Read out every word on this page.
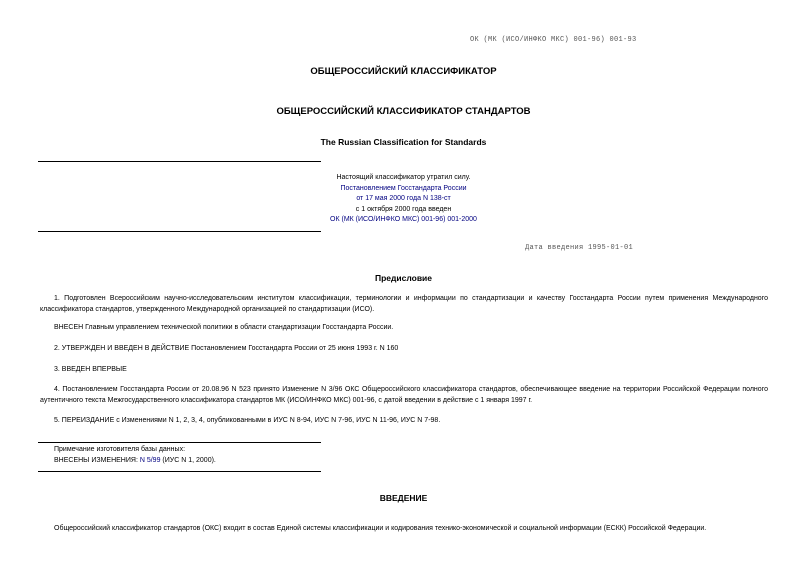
ОК (МК (ИСО/ИНФКО МКС) 001-96) 001-93
ОБЩЕРОССИЙСКИЙ КЛАССИФИКАТОР
ОБЩЕРОССИЙСКИЙ КЛАССИФИКАТОР СТАНДАРТОВ
The Russian Classification for Standards
Настоящий классификатор утратил силу.
Постановлением Госстандарта России
от 17 мая 2000 года N 138-ст
с 1 октября 2000 года введен
ОК (МК (ИСО/ИНФКО МКС) 001-96) 001-2000
Дата введения 1995-01-01
Предисловие
1. Подготовлен Всероссийским научно-исследовательским институтом классификации, терминологии и информации по стандартизации и качеству Госстандарта России путем применения Международного классификатора стандартов, утвержденного Международной организацией по стандартизации (ИСО).
ВНЕСЕН Главным управлением технической политики в области стандартизации Госстандарта России.
2. УТВЕРЖДЕН И ВВЕДЕН В ДЕЙСТВИЕ Постановлением Госстандарта России от 25 июня 1993 г. N 160
3. ВВЕДЕН ВПЕРВЫЕ
4. Постановлением Госстандарта России от 20.08.96 N 523 принято Изменение N 3/96 ОКС Общероссийского классификатора стандартов, обеспечивающее введение на территории Российской Федерации полного аутентичного текста Межгосударственного классификатора стандартов МК (ИСО/ИНФКО МКС) 001-96, с датой введении в действие с 1 января 1997 г.
5. ПЕРЕИЗДАНИЕ с Изменениями N 1, 2, 3, 4, опубликованными в ИУС N 8-94, ИУС N 7-96, ИУС N 11-96, ИУС N 7-98.
Примечание изготовителя базы данных:
ВНЕСЕНЫ ИЗМЕНЕНИЯ: N 5/99 (ИУС N 1, 2000).
ВВЕДЕНИЕ
Общероссийский классификатор стандартов (ОКС) входит в состав Единой системы классификации и кодирования технико-экономической и социальной информации (ЕСКК) Российской Федерации.
